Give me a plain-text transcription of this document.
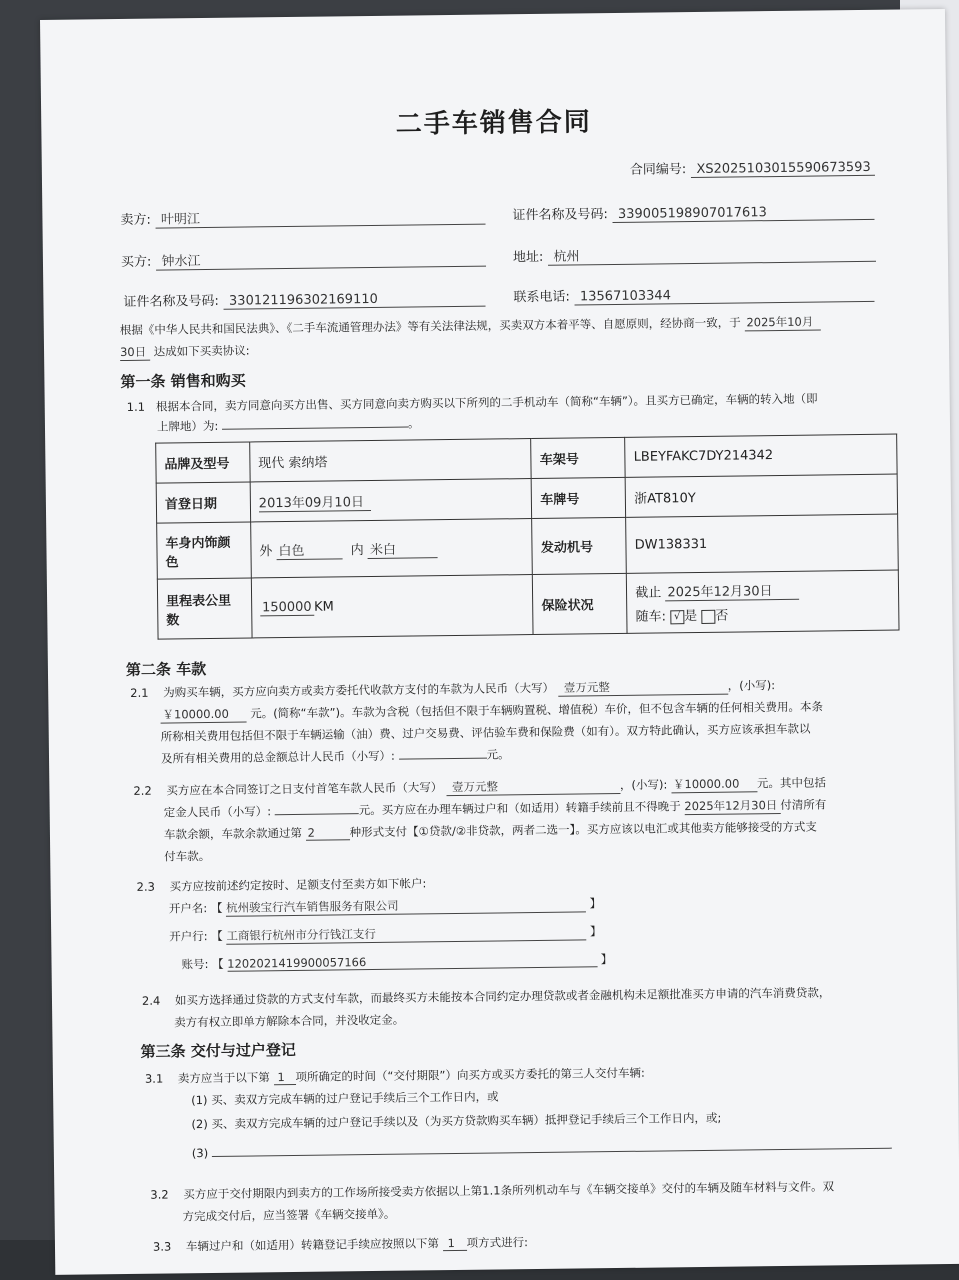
二手车销售合同
合同编号: XS2025103015590673593
卖方: 叶明江	证件名称及号码: 339005198907017613
买方: 钟水江	地址: 杭州
证件名称及号码: 330121196302169110	联系电话: 13567103344
根据《中华人民共和国民法典》、《二手车流通管理办法》等有关法律法规，买卖双方本着平等、自愿原则，经协商一致，于 2025年10月
30日 达成如下买卖协议:
第一条 销售和购买
1.1 根据本合同，卖方同意向买方出售、买方同意向卖方购买以下所列的二手机动车（简称“车辆”）。且买方已确定，车辆的转入地（即
上牌地）为:	。
品牌及型号	现代 索纳塔	车架号	LBEYFAKC7DY214342
首登日期	2013年09月10日	车牌号	浙AT810Y
车身内饰颜色	外 白色 内 米白	发动机号	DW138331
里程表公里数	150000 KM	保险状况	截止 2025年12月30日
随车: √ 是 否
第二条 车款
2.1 为购买车辆，买方应向卖方或卖方委托代收款方支付的车款为人民币（大写） 壹万元整	，(小写):
￥10000.00 元。(简称“车款”)。车款为含税（包括但不限于车辆购置税、增值税）车价，但不包含车辆的任何相关费用。本条
所称相关费用包括但不限于车辆运输（油）费、过户交易费、评估验车费和保险费（如有）。双方特此确认，买方应该承担车款以
及所有相关费用的总金额总计人民币（小写）:	元。
2.2 买方应在本合同签订之日支付首笔车款人民币（大写） 壹万元整	，(小写): ￥10000.00 元。其中包括
定金人民币（小写）:	元。买方应在办理车辆过户和（如适用）转籍手续前且不得晚于 2025年12月30日 付清所有
车款余额，车款余款通过第 2	种形式支付【①贷款/②非贷款，两者二选一】。买方应该以电汇或其他卖方能够接受的方式支
付车款。
2.3 买方应按前述约定按时、足额支付至卖方如下帐户:
开户名: 【 杭州骏宝行汽车销售服务有限公司	】
开户行: 【 工商银行杭州市分行钱江支行	】
账号: 【 1202021419900057166	】
2.4 如买方选择通过贷款的方式支付车款，而最终买方未能按本合同约定办理贷款或者金融机构未足额批准买方申请的汽车消费贷款，
卖方有权立即单方解除本合同，并没收定金。
第三条 交付与过户登记
3.1 卖方应当于以下第 1 项所确定的时间（“交付期限”）向买方或买方委托的第三人交付车辆:
(1) 买、卖双方完成车辆的过户登记手续后三个工作日内，或
(2) 买、卖双方完成车辆的过户登记手续以及（为买方贷款购买车辆）抵押登记手续后三个工作日内，或;
(3)
3.2 买方应于交付期限内到卖方的工作场所接受卖方依据以上第1.1条所列机动车与《车辆交接单》交付的车辆及随车材料与文件。双
方完成交付后，应当签署《车辆交接单》。
3.3 车辆过户和（如适用）转籍登记手续应按照以下第 1 项方式进行:
